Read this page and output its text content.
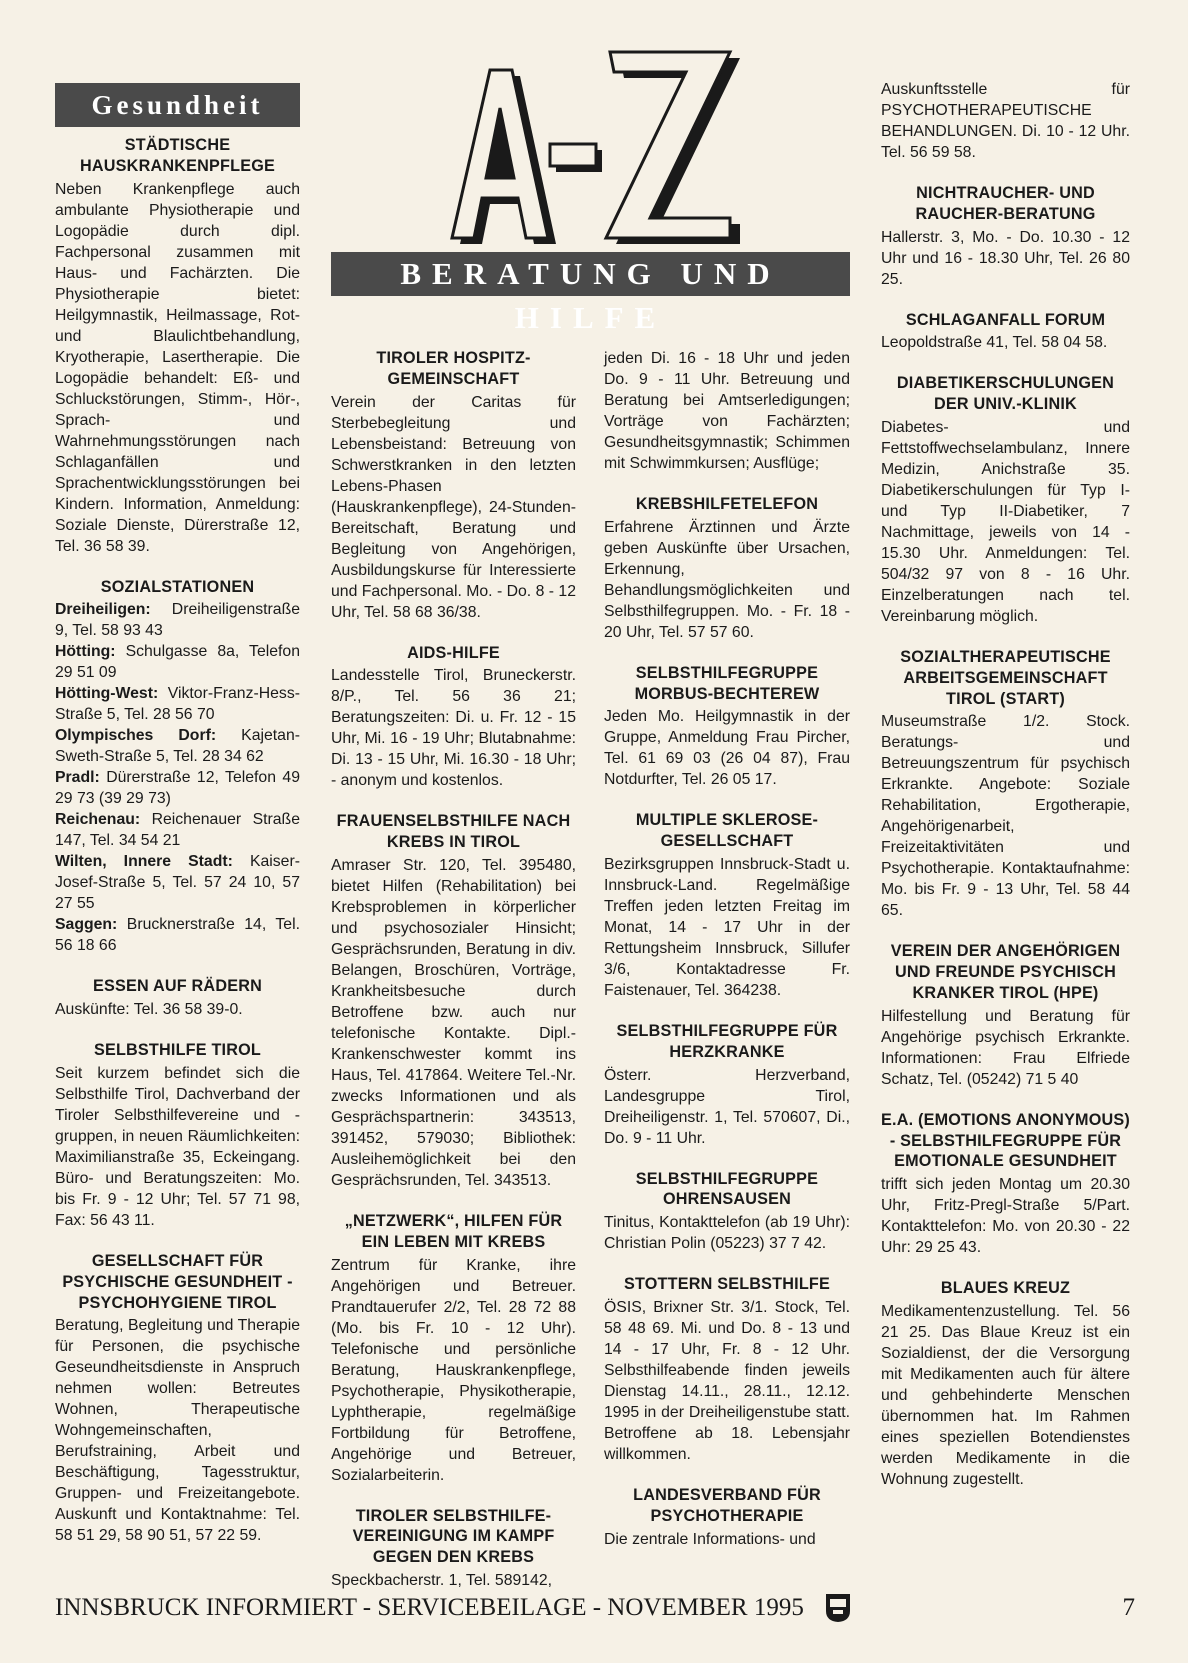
BERATUNG UND HILFE
Gesundheit
STÄDTISCHE HAUSKRANKENPFLEGE
Neben Krankenpflege auch ambulante Physiotherapie und Logopädie durch dipl. Fachpersonal zusammen mit Haus- und Fachärzten. Die Physiotherapie bietet: Heilgymnastik, Heilmassage, Rot- und Blaulichtbehandlung, Kryotherapie, Lasertherapie. Die Logopädie behandelt: Eß- und Schluckstörungen, Stimm-, Hör-, Sprach- und Wahrnehmungsstörungen nach Schlaganfällen und Sprachentwicklungsstörungen bei Kindern. Information, Anmeldung: Soziale Dienste, Dürerstraße 12, Tel. 36 58 39.
SOZIALSTATIONEN
Dreiheiligen: Dreiheiligenstraße 9, Tel. 58 93 43
Hötting: Schulgasse 8a, Telefon 29 51 09
Hötting-West: Viktor-Franz-Hess-Straße 5, Tel. 28 56 70
Olympisches Dorf: Kajetan-Sweth-Straße 5, Tel. 28 34 62
Pradl: Dürerstraße 12, Telefon 49 29 73 (39 29 73)
Reichenau: Reichenauer Straße 147, Tel. 34 54 21
Wilten, Innere Stadt: Kaiser-Josef-Straße 5, Tel. 57 24 10, 57 27 55
Saggen: Brucknerstraße 14, Tel. 56 18 66
ESSEN AUF RÄDERN
Auskünfte: Tel. 36 58 39-0.
SELBSTHILFE TIROL
Seit kurzem befindet sich die Selbsthilfe Tirol, Dachverband der Tiroler Selbsthilfevereine und -gruppen, in neuen Räumlichkeiten: Maximilianstraße 35, Eckeingang. Büro- und Beratungszeiten: Mo. bis Fr. 9 - 12 Uhr; Tel. 57 71 98, Fax: 56 43 11.
GESELLSCHAFT FÜR PSYCHISCHE GESUNDHEIT - PSYCHOHYGIENE TIROL
Beratung, Begleitung und Therapie für Personen, die psychische Geseundheitsdienste in Anspruch nehmen wollen: Betreutes Wohnen, Therapeutische Wohngemeinschaften, Berufstraining, Arbeit und Beschäftigung, Tagesstruktur, Gruppen- und Freizeitangebote. Auskunft und Kontaktnahme: Tel. 58 51 29, 58 90 51, 57 22 59.
TIROLER HOSPITZ-GEMEINSCHAFT
Verein der Caritas für Sterbebegleitung und Lebensbeistand: Betreuung von Schwerstkranken in den letzten Lebens-Phasen (Hauskrankenpflege), 24-Stunden-Bereitschaft, Beratung und Begleitung von Angehörigen, Ausbildungskurse für Interessierte und Fachpersonal. Mo. - Do. 8 - 12 Uhr, Tel. 58 68 36/38.
AIDS-HILFE
Landesstelle Tirol, Bruneckerstr. 8/P., Tel. 56 36 21; Beratungszeiten: Di. u. Fr. 12 - 15 Uhr, Mi. 16 - 19 Uhr; Blutabnahme: Di. 13 - 15 Uhr, Mi. 16.30 - 18 Uhr; - anonym und kostenlos.
FRAUENSELBSTHILFE NACH KREBS IN TIROL
Amraser Str. 120, Tel. 395480, bietet Hilfen (Rehabilitation) bei Krebsproblemen in körperlicher und psychosozialer Hinsicht; Gesprächsrunden, Beratung in div. Belangen, Broschüren, Vorträge, Krankheitsbesuche durch Betroffene bzw. auch nur telefonische Kontakte. Dipl.-Krankenschwester kommt ins Haus, Tel. 417864. Weitere Tel.-Nr. zwecks Informationen und als Gesprächspartnerin: 343513, 391452, 579030; Bibliothek: Ausleihemöglichkeit bei den Gesprächsrunden, Tel. 343513.
„NETZWERK“, HILFEN FÜR EIN LEBEN MIT KREBS
Zentrum für Kranke, ihre Angehörigen und Betreuer. Prandtauerufer 2/2, Tel. 28 72 88 (Mo. bis Fr. 10 - 12 Uhr). Telefonische und persönliche Beratung, Hauskrankenpflege, Psychotherapie, Physikotherapie, Lyphtherapie, regelmäßige Fortbildung für Betroffene, Angehörige und Betreuer, Sozialarbeiterin.
TIROLER SELBSTHILFE-VEREINIGUNG IM KAMPF GEGEN DEN KREBS
Speckbacherstr. 1, Tel. 589142,
jeden Di. 16 - 18 Uhr und jeden Do. 9 - 11 Uhr. Betreuung und Beratung bei Amtserledigungen; Vorträge von Fachärzten; Gesundheitsgymnastik; Schimmen mit Schwimmkursen; Ausflüge;
KREBSHILFETELEFON
Erfahrene Ärztinnen und Ärzte geben Auskünfte über Ursachen, Erkennung, Behandlungsmöglichkeiten und Selbsthilfegruppen. Mo. - Fr. 18 - 20 Uhr, Tel. 57 57 60.
SELBSTHILFEGRUPPE MORBUS-BECHTEREW
Jeden Mo. Heilgymnastik in der Gruppe, Anmeldung Frau Pircher, Tel. 61 69 03 (26 04 87), Frau Notdurfter, Tel. 26 05 17.
MULTIPLE SKLEROSE-GESELLSCHAFT
Bezirksgruppen Innsbruck-Stadt u. Innsbruck-Land. Regelmäßige Treffen jeden letzten Freitag im Monat, 14 - 17 Uhr in der Rettungsheim Innsbruck, Sillufer 3/6, Kontaktadresse Fr. Faistenauer, Tel. 364238.
SELBSTHILFEGRUPPE FÜR HERZKRANKE
Österr. Herzverband, Landesgruppe Tirol, Dreiheiligenstr. 1, Tel. 570607, Di., Do. 9 - 11 Uhr.
SELBSTHILFEGRUPPE OHRENSAUSEN
Tinitus, Kontakttelefon (ab 19 Uhr): Christian Polin (05223) 37 7 42.
STOTTERN SELBSTHILFE
ÖSIS, Brixner Str. 3/1. Stock, Tel. 58 48 69. Mi. und Do. 8 - 13 und 14 - 17 Uhr, Fr. 8 - 12 Uhr. Selbsthilfeabende finden jeweils Dienstag 14.11., 28.11., 12.12. 1995 in der Dreiheiligenstube statt. Betroffene ab 18. Lebensjahr willkommen.
LANDESVERBAND FÜR PSYCHOTHERAPIE
Die zentrale Informations- und
Auskunftsstelle für PSYCHOTHERAPEUTISCHE BEHANDLUNGEN. Di. 10 - 12 Uhr. Tel. 56 59 58.
NICHTRAUCHER- UND RAUCHER-BERATUNG
Hallerstr. 3, Mo. - Do. 10.30 - 12 Uhr und 16 - 18.30 Uhr, Tel. 26 80 25.
SCHLAGANFALL FORUM
Leopoldstraße 41, Tel. 58 04 58.
DIABETIKERSCHULUNGEN DER UNIV.-KLINIK
Diabetes- und Fettstoffwechselambulanz, Innere Medizin, Anichstraße 35. Diabetikerschulungen für Typ I- und Typ II-Diabetiker, 7 Nachmittage, jeweils von 14 - 15.30 Uhr. Anmeldungen: Tel. 504/32 97 von 8 - 16 Uhr. Einzelberatungen nach tel. Vereinbarung möglich.
SOZIALTHERAPEUTISCHE ARBEITSGEMEINSCHAFT TIROL (START)
Museumstraße 1/2. Stock. Beratungs- und Betreuungszentrum für psychisch Erkrankte. Angebote: Soziale Rehabilitation, Ergotherapie, Angehörigenarbeit, Freizeitaktivitäten und Psychotherapie. Kontaktaufnahme: Mo. bis Fr. 9 - 13 Uhr, Tel. 58 44 65.
VEREIN DER ANGEHÖRIGEN UND FREUNDE PSYCHISCH KRANKER TIROL (HPE)
Hilfestellung und Beratung für Angehörige psychisch Erkrankte. Informationen: Frau Elfriede Schatz, Tel. (05242) 71 5 40
E.A. (EMOTIONS ANONYMOUS) - SELBSTHILFEGRUPPE FÜR EMOTIONALE GESUNDHEIT
trifft sich jeden Montag um 20.30 Uhr, Fritz-Pregl-Straße 5/Part. Kontakttelefon: Mo. von 20.30 - 22 Uhr: 29 25 43.
BLAUES KREUZ
Medikamentenzustellung. Tel. 56 21 25. Das Blaue Kreuz ist ein Sozialdienst, der die Versorgung mit Medikamenten auch für ältere und gehbehinderte Menschen übernommen hat. Im Rahmen eines speziellen Botendienstes werden Medikamente in die Wohnung zugestellt.
INNSBRUCK INFORMIERT - SERVICEBEILAGE - NOVEMBER 1995	7
